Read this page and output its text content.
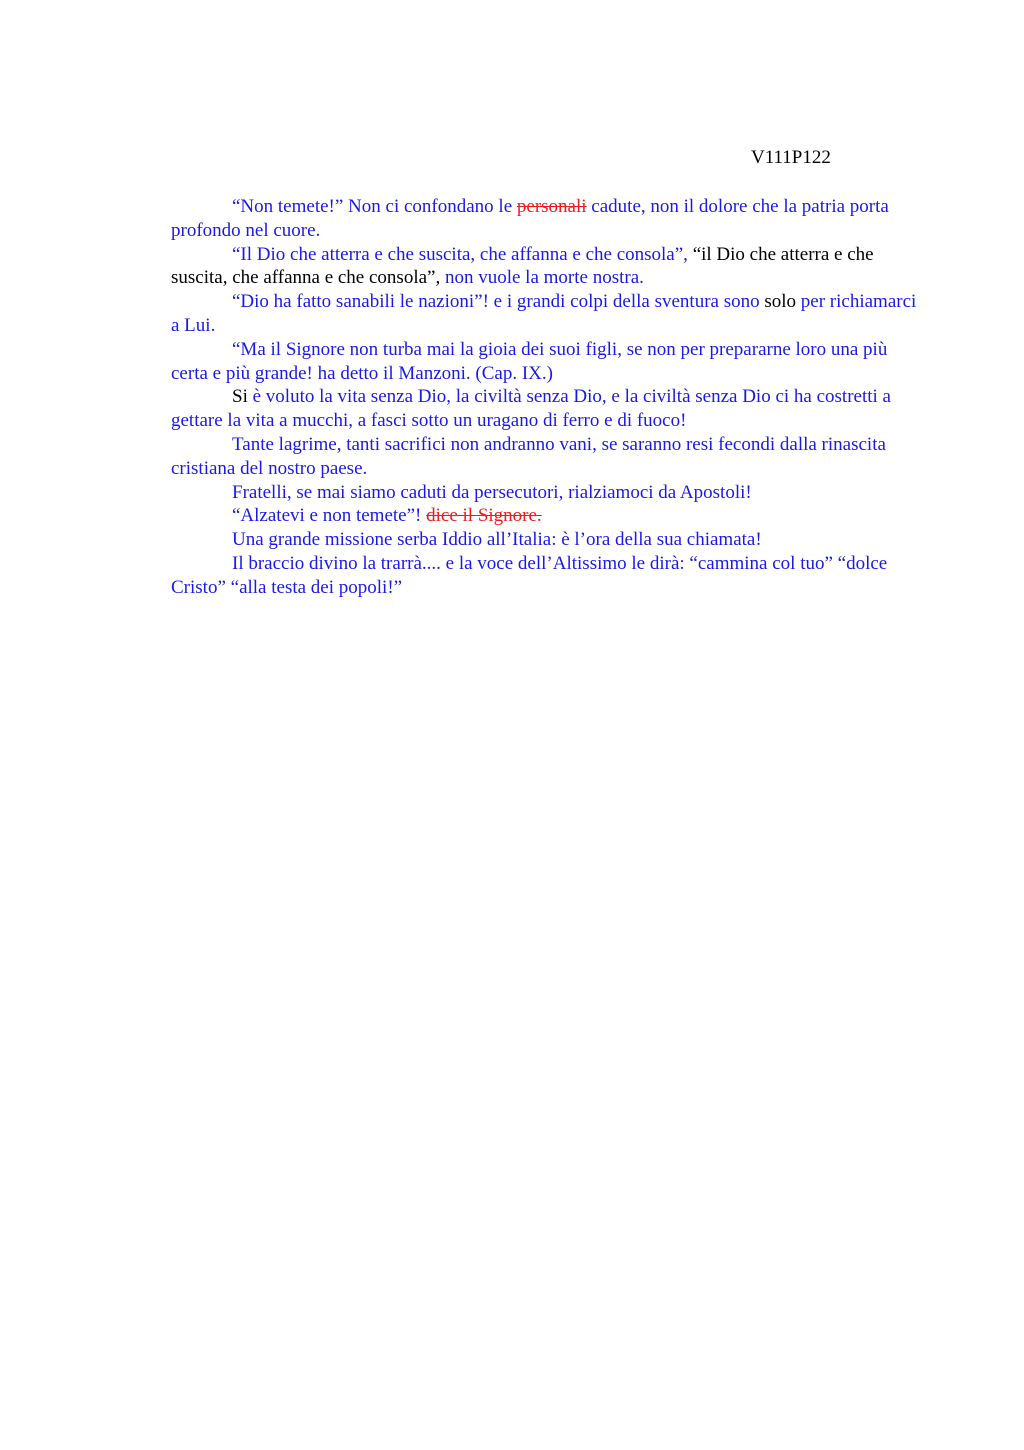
V111P122

“Non temete!” Non ci confondano le personali cadute, non il dolore che la patria porta profondo nel cuore.

“Il Dio che atterra e che suscita, che affanna e che consola”, “il Dio che atterra e che suscita, che affanna e che consola”, non vuole la morte nostra.

“Dio ha fatto sanabili le nazioni”! e i grandi colpi della sventura sono solo per richiamarci a Lui.

“Ma il Signore non turba mai la gioia dei suoi figli, se non per prepararne loro una più certa e più grande! ha detto il Manzoni. (Cap. IX.)

Si è voluto la vita senza Dio, la civiltà senza Dio, e la civiltà senza Dio ci ha costretti a gettare la vita a mucchi, a fasci sotto un uragano di ferro e di fuoco!

Tante lagrime, tanti sacrifici non andranno vani, se saranno resi fecondi dalla rinascita cristiana del nostro paese.

Fratelli, se mai siamo caduti da persecutori, rialziamoci da Apostoli!

“Alzatevi e non temete”! dice il Signore.

Una grande missione serba Iddio all’Italia: è l’ora della sua chiamata!

Il braccio divino la trarrà.... e la voce dell’Altissimo le dirà: “cammina col tuo” “dolce Cristo” “alla testa dei popoli!”
